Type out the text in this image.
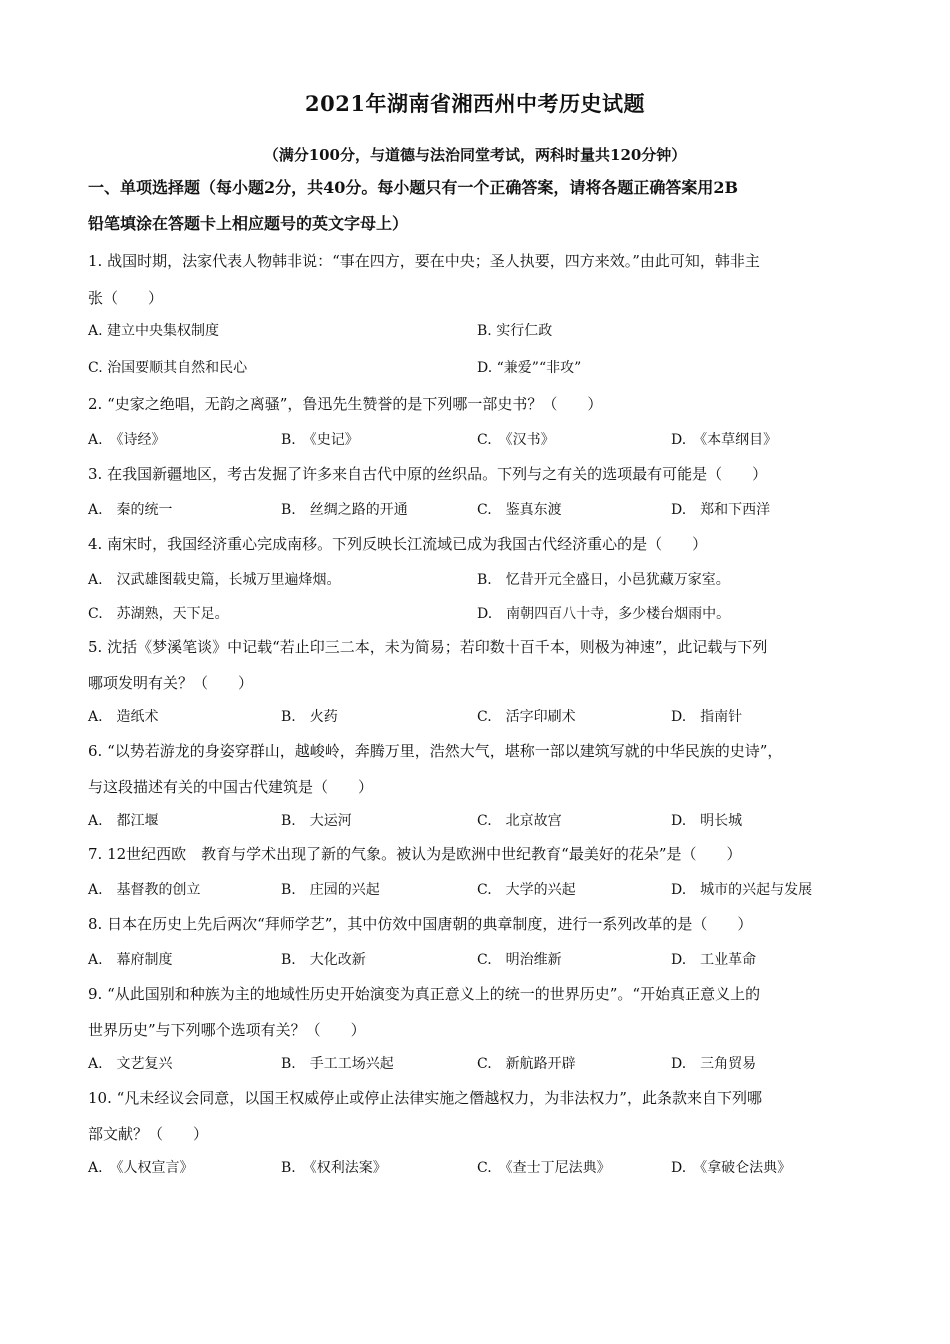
2021年湖南省湘西州中考历史试题
（满分100分，与道德与法治同堂考试，两科时量共120分钟）
一、单项选择题（每小题2分，共40分。每小题只有一个正确答案，请将各题正确答案用2B
铅笔填涂在答题卡上相应题号的英文字母上）
1. 战国时期，法家代表人物韩非说：“事在四方，要在中央；圣人执要，四方来效。”由此可知，韩非主
张（　　）
A. 建立中央集权制度	B. 实行仁政
C. 治国要顺其自然和民心	D. “兼爱”“非攻”
2. “史家之绝唱，无韵之离骚”，鲁迅先生赞誉的是下列哪一部史书？（　　）
A.　《诗经》	B.　《史记》	C.　《汉书》	D.　《本草纲目》
3. 在我国新疆地区，考古发掘了许多来自古代中原的丝织品。下列与之有关的选项最有可能是（　　）
A.　秦的统一	B.　丝绸之路的开通	C.　鉴真东渡	D.　郑和下西洋
4. 南宋时，我国经济重心完成南移。下列反映长江流域已成为我国古代经济重心的是（　　）
A.　汉武雄图载史篇，长城万里遍烽烟。	B.　忆昔开元全盛日，小邑犹藏万家室。
C.　苏湖熟，天下足。	D.　南朝四百八十寺，多少楼台烟雨中。
5. 沈括《梦溪笔谈》中记载“若止印三二本，未为简易；若印数十百千本，则极为神速”，此记载与下列
哪项发明有关？（　　）
A.　造纸术	B.　火药	C.　活字印刷术	D.　指南针
6. “以势若游龙的身姿穿群山，越峻岭，奔腾万里，浩然大气，堪称一部以建筑写就的中华民族的史诗”，
与这段描述有关的中国古代建筑是（　　）
A.　都江堰	B.　大运河	C.　北京故宫	D.　明长城
7. 12世纪西欧　教育与学术出现了新的气象。被认为是欧洲中世纪教育“最美好的花朵”是（　　）
A.　基督教的创立	B.　庄园的兴起	C.　大学的兴起	D.　城市的兴起与发展
8. 日本在历史上先后两次“拜师学艺”，其中仿效中国唐朝的典章制度，进行一系列改革的是（　　）
A.　幕府制度	B.　大化改新	C.　明治维新	D.　工业革命
9. “从此国别和种族为主的地域性历史开始演变为真正意义上的统一的世界历史”。“开始真正意义上的
世界历史”与下列哪个选项有关？（　　）
A.　文艺复兴	B.　手工工场兴起	C.　新航路开辟	D.　三角贸易
10. “凡未经议会同意，以国王权威停止或停止法律实施之僭越权力，为非法权力”，此条款来自下列哪
部文献？（　　）
A.　《人权宣言》	B.　《权利法案》	C.　《查士丁尼法典》	D.　《拿破仑法典》
